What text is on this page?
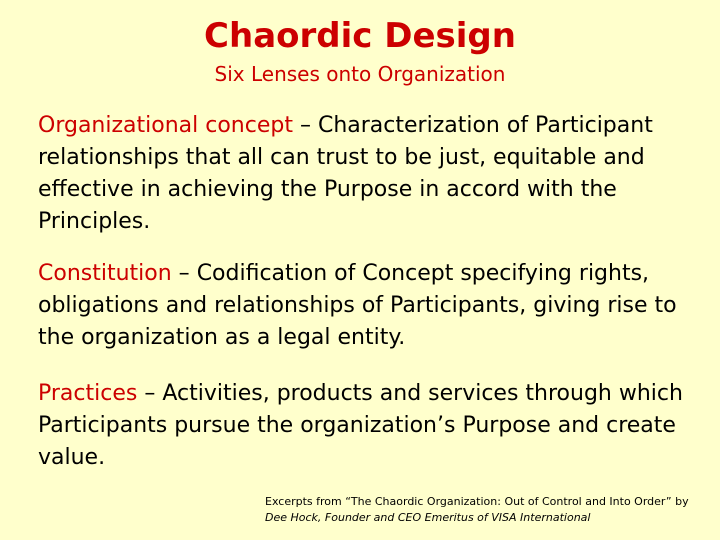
Chaordic Design
Six Lenses onto Organization

Organizational concept – Characterization of Participant relationships that all can trust to be just, equitable and effective in achieving the Purpose in accord with the Principles.

Constitution – Codification of Concept specifying rights, obligations and relationships of Participants, giving rise to the organization as a legal entity.

Practices – Activities, products and services through which Participants pursue the organization’s Purpose and create value.

Excerpts from “The Chaordic Organization: Out of Control and Into Order” by Dee Hock, Founder and CEO Emeritus of VISA International
